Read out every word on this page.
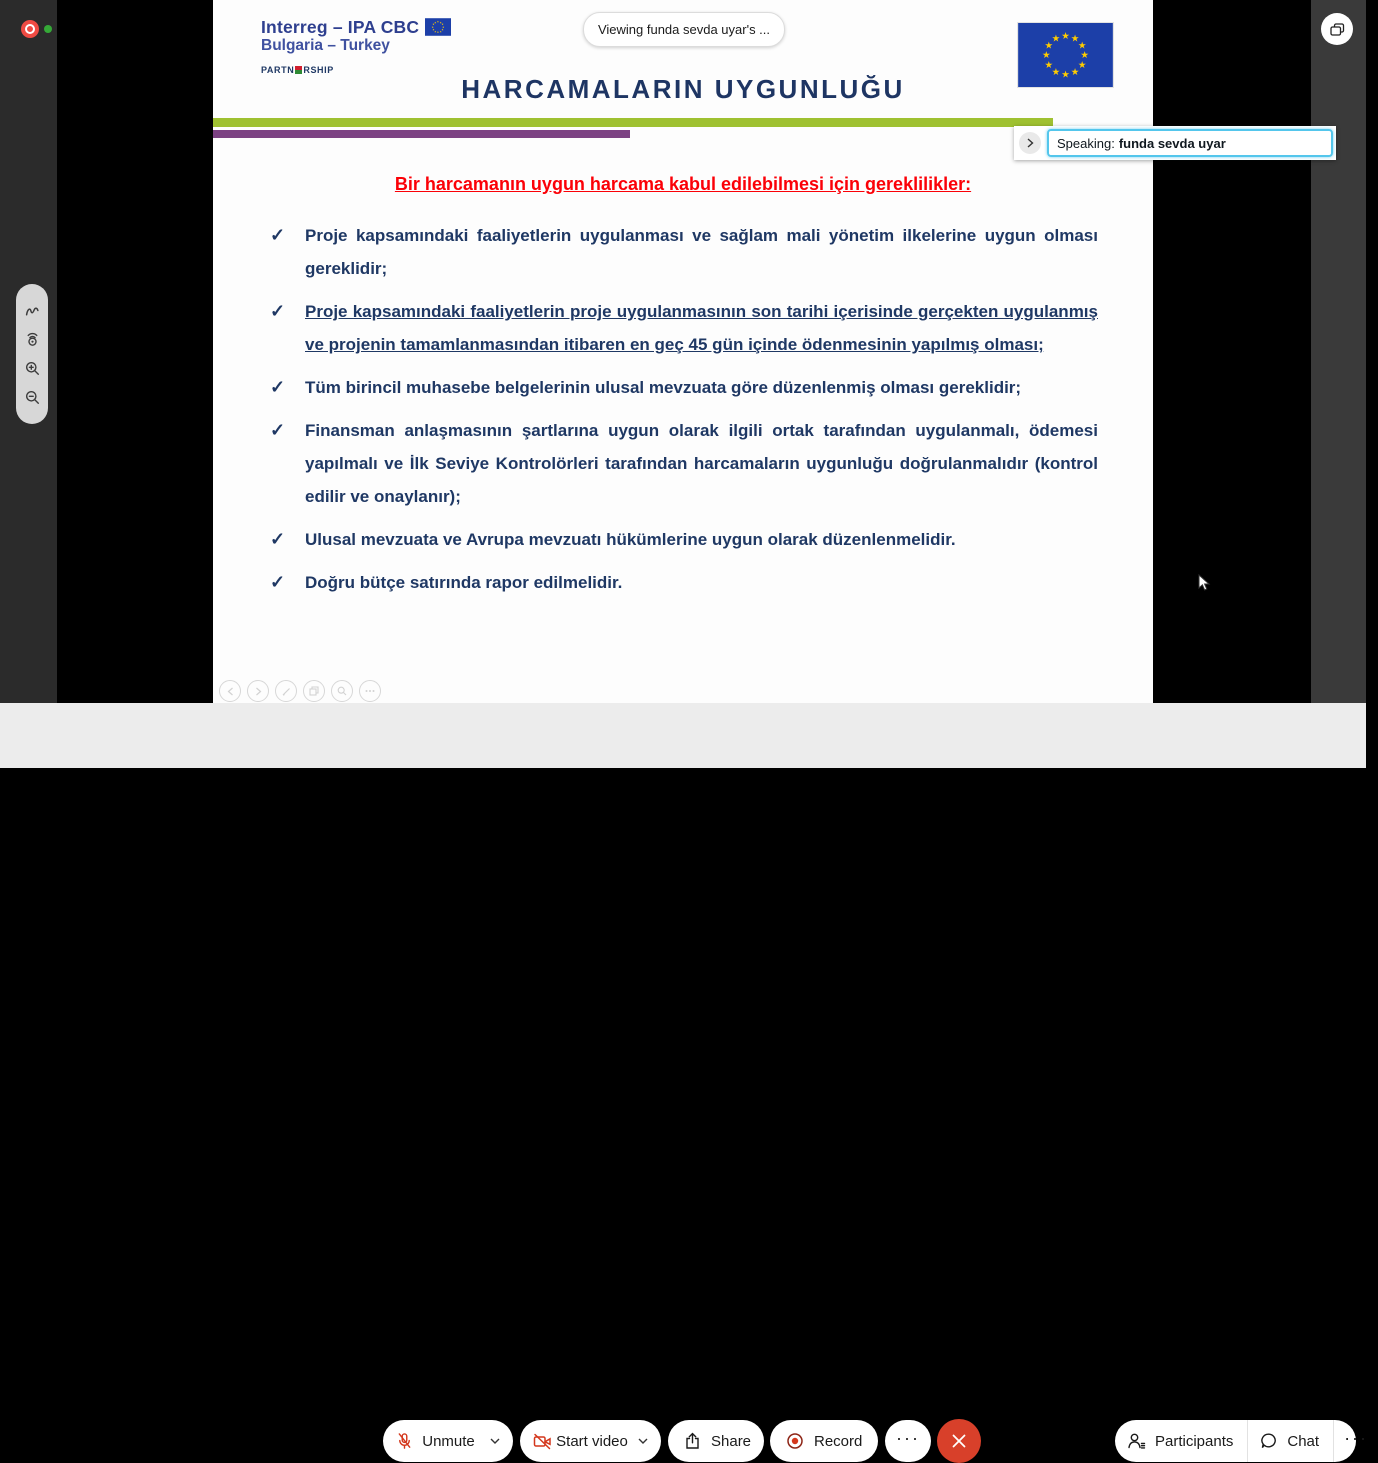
Interreg – IPA CBC ★ ★
★
★
★
★
★
★
★
★
★
★
Bulgaria – Turkey
PARTN RSHIP
HARCAMALARIN UYGUNLUĞU
★ ★
★
★
★
★
★
★
★
★
★
★
Bir harcamanın uygun harcama kabul edilebilmesi için gereklilikler:
✓	Proje kapsamındaki faaliyetlerin uygulanması ve sağlam mali yönetim ilkelerine uygun olması gereklidir;
✓	Proje kapsamındaki faaliyetlerin proje uygulanmasının son tarihi içerisinde gerçekten uygulanmış ve projenin tamamlanmasından itibaren en geç 45 gün içinde ödenmesinin yapılmış olması;
✓	Tüm birincil muhasebe belgelerinin ulusal mevzuata göre düzenlenmiş olması gereklidir;
✓	Finansman anlaşmasının şartlarına uygun olarak ilgili ortak tarafından uygulanmalı, ödemesi yapılmalı ve İlk Seviye Kontrolörleri tarafından harcamaların uygunluğu doğrulanmalıdır (kontrol edilir ve onaylanır);
✓	Ulusal mevzuata ve Avrupa mevzuatı hükümlerine uygun olarak düzenlenmelidir.
✓	Doğru bütçe satırında rapor edilmelidir.
Viewing funda sevda uyar's ...
Speaking: funda sevda uyar
Unmute	Start video	Share	Record ···	Participants	Chat ···
